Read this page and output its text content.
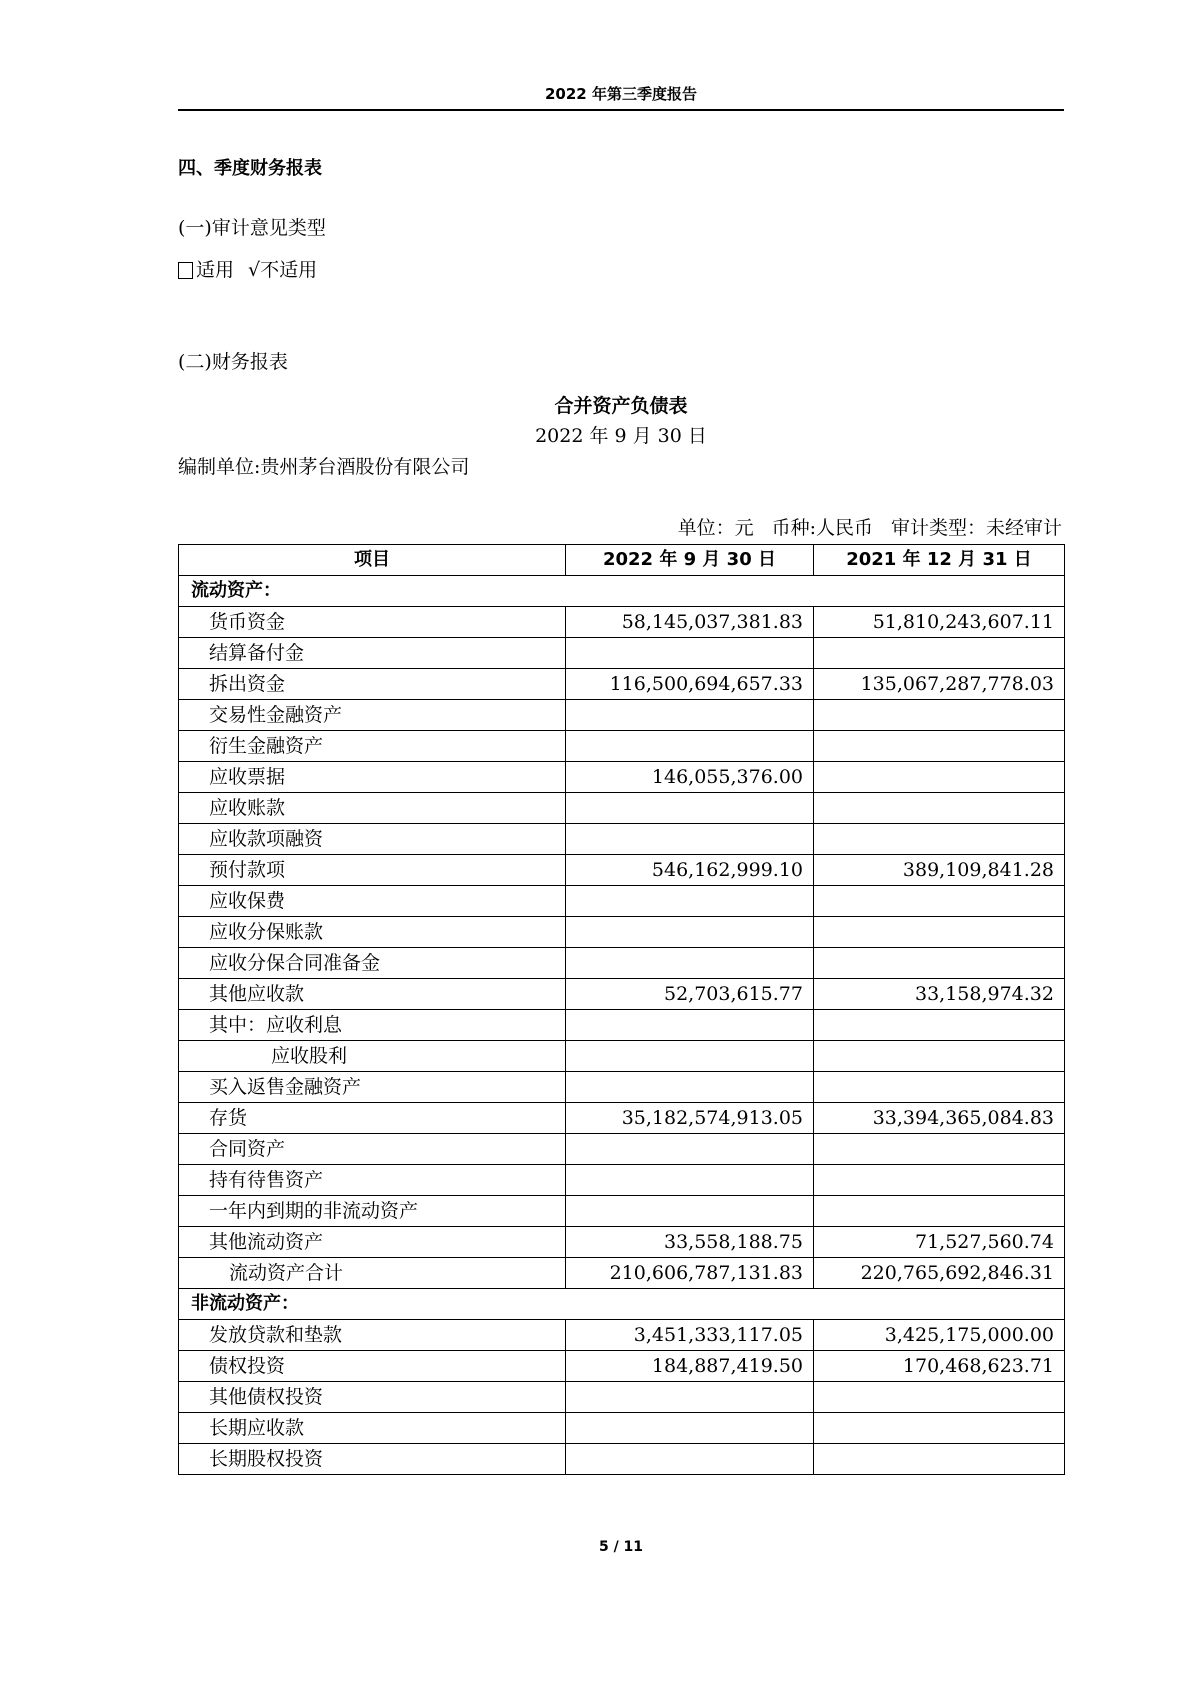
2022 年第三季度报告
四、季度财务报表
(一)审计意见类型
适用 √ 不适用
(二)财务报表
合并资产负债表
2022 年 9 月 30 日
编制单位:贵州茅台酒股份有限公司
单位：元 币种:人民币 审计类型：未经审计
项目	2022 年 9 月 30 日	2021 年 12 月 31 日
流动资产：		
货币资金	58,145,037,381.83	51,810,243,607.11
结算备付金		
拆出资金	116,500,694,657.33	135,067,287,778.03
交易性金融资产		
衍生金融资产		
应收票据	146,055,376.00	
应收账款		
应收款项融资		
预付款项	546,162,999.10	389,109,841.28
应收保费		
应收分保账款		
应收分保合同准备金		
其他应收款	52,703,615.77	33,158,974.32
其中：应收利息		
应收股利		
买入返售金融资产		
存货	35,182,574,913.05	33,394,365,084.83
合同资产		
持有待售资产		
一年内到期的非流动资产		
其他流动资产	33,558,188.75	71,527,560.74
流动资产合计	210,606,787,131.83	220,765,692,846.31
非流动资产：		
发放贷款和垫款	3,451,333,117.05	3,425,175,000.00
债权投资	184,887,419.50	170,468,623.71
其他债权投资		
长期应收款		
长期股权投资		
5 / 11
